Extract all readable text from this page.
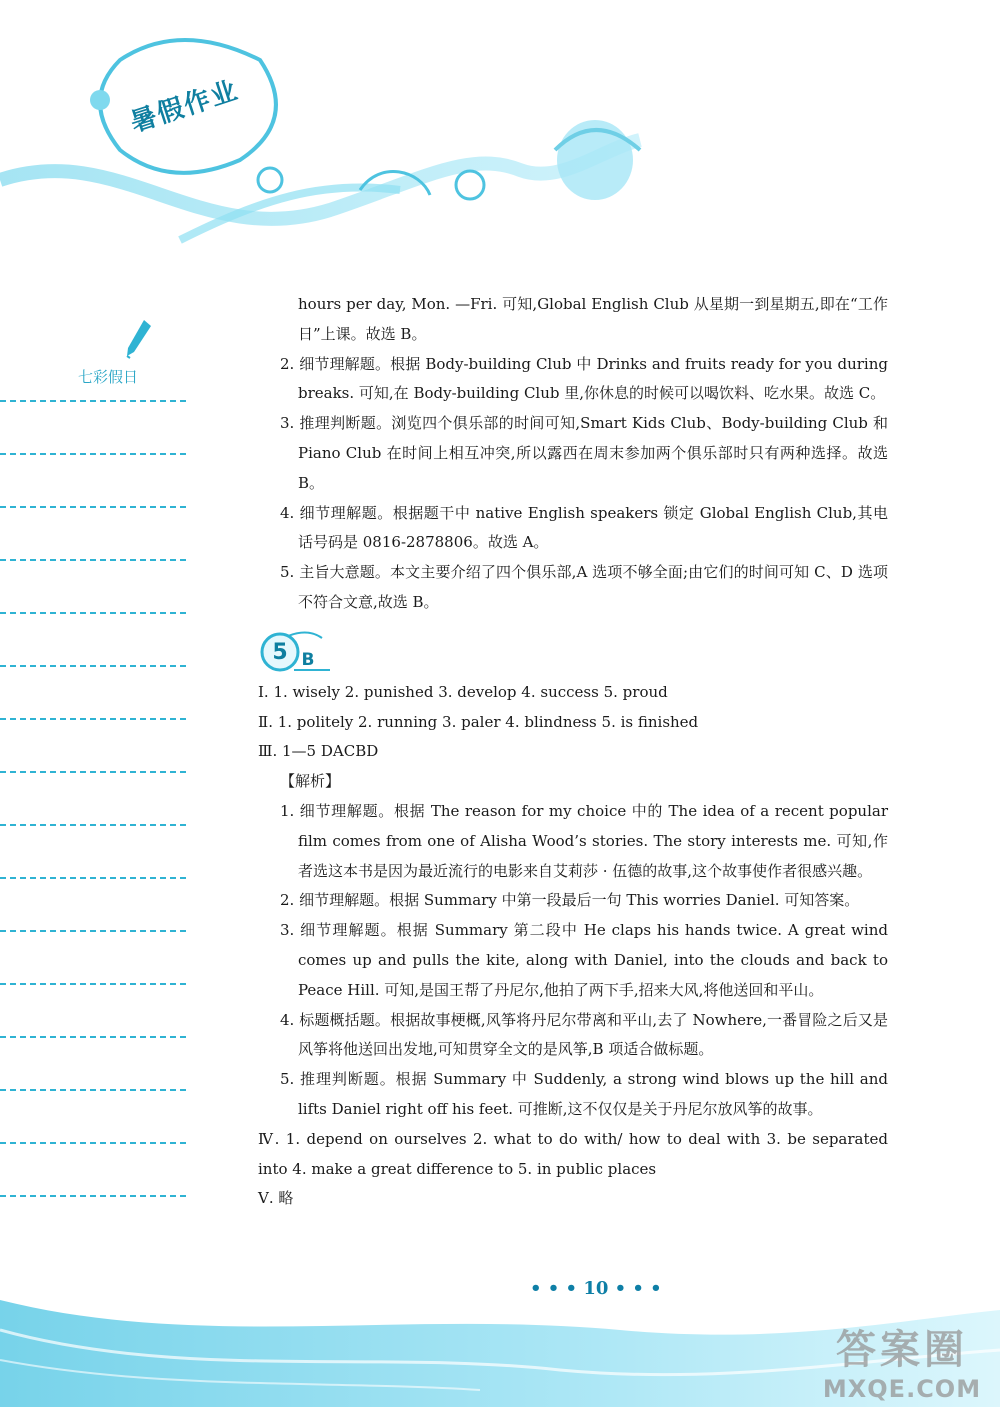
暑假作业
七彩假日

hours per day, Mon. —Fri. 可知,Global English Club 从星期一到星期五,即在“工作日”上课。故选 B。

2. 细节理解题。根据 Body-building Club 中 Drinks and fruits ready for you during breaks. 可知,在 Body-building Club 里,你休息的时候可以喝饮料、吃水果。故选 C。

3. 推理判断题。浏览四个俱乐部的时间可知,Smart Kids Club、Body-building Club 和 Piano Club 在时间上相互冲突,所以露西在周末参加两个俱乐部时只有两种选择。故选 B。

4. 细节理解题。根据题干中 native English speakers 锁定 Global English Club,其电话号码是 0816-2878806。故选 A。

5. 主旨大意题。本文主要介绍了四个俱乐部,A 选项不够全面;由它们的时间可知 C、D 选项不符合文意,故选 B。

5 B

Ⅰ. 1. wisely 2. punished 3. develop 4. success 5. proud

Ⅱ. 1. politely 2. running 3. paler 4. blindness 5. is finished

Ⅲ. 1—5 DACBD

【解析】

1. 细节理解题。根据 The reason for my choice 中的 The idea of a recent popular film comes from one of Alisha Wood’s stories. The story interests me. 可知,作者选这本书是因为最近流行的电影来自艾莉莎 · 伍德的故事,这个故事使作者很感兴趣。

2. 细节理解题。根据 Summary 中第一段最后一句 This worries Daniel. 可知答案。

3. 细节理解题。根据 Summary 第二段中 He claps his hands twice. A great wind comes up and pulls the kite, along with Daniel, into the clouds and back to Peace Hill. 可知,是国王帮了丹尼尔,他拍了两下手,招来大风,将他送回和平山。

4. 标题概括题。根据故事梗概,风筝将丹尼尔带离和平山,去了 Nowhere,一番冒险之后又是风筝将他送回出发地,可知贯穿全文的是风筝,B 项适合做标题。

5. 推理判断题。根据 Summary 中 Suddenly, a strong wind blows up the hill and lifts Daniel right off his feet. 可推断,这不仅仅是关于丹尼尔放风筝的故事。

Ⅳ. 1. depend on ourselves 2. what to do with/ how to deal with 3. be separated into 4. make a great difference to 5. in public places

Ⅴ. 略

• • • 10 • • •
答案圈
MXQE.COM
